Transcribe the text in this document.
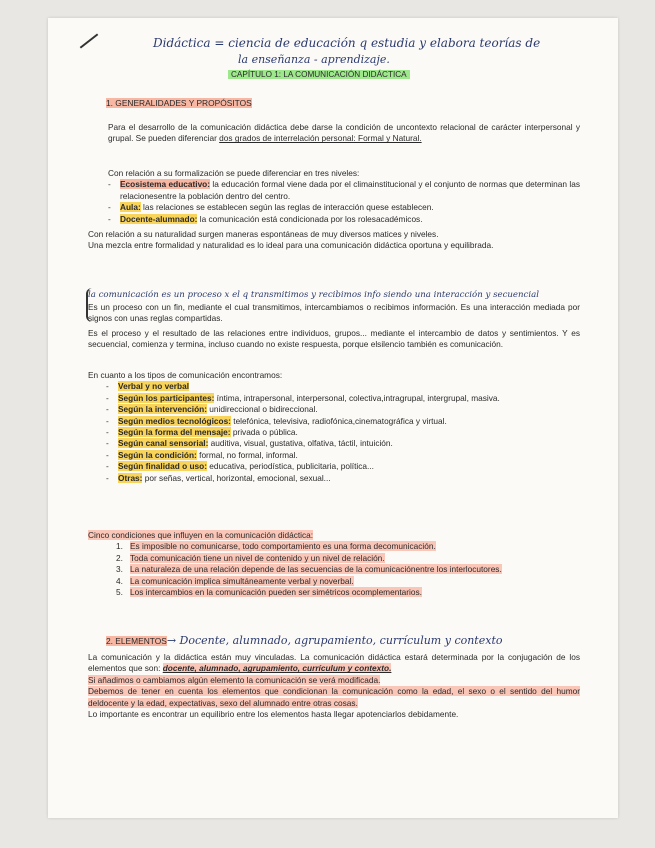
Didáctica = ciencia de educación q estudia y elabora teorías de
la enseñanza - aprendizaje.
CAPÍTULO 1: LA COMUNICACIÓN DIDÁCTICA
1. GENERALIDADES Y PROPÓSITOS
Para el desarrollo de la comunicación didáctica debe darse la condición de uncontexto relacional de carácter interpersonal y grupal. Se pueden diferenciar dos grados de interrelación personal: Formal y Natural.
Con relación a su formalización se puede diferenciar en tres niveles:
- Ecosistema educativo: la educación formal viene dada por el climainstitucional y el conjunto de normas que determinan las relacionesentre la población dentro del centro.
- Aula: las relaciones se establecen según las reglas de interacción quese establecen.
- Docente-alumnado: la comunicación está condicionada por los rolesacadémicos.
Con relación a su naturalidad surgen maneras espontáneas de muy diversos matices y niveles.
Una mezcla entre formalidad y naturalidad es lo ideal para una comunicación didáctica oportuna y equilibrada.
la comunicación es un proceso x el q transmitimos y recibimos info siendo una interacción y secuencial
Es un proceso con un fin, mediante el cual transmitimos, intercambiamos o recibimos información. Es una interacción mediada por signos con unas reglas compartidas.
Es el proceso y el resultado de las relaciones entre individuos, grupos... mediante el intercambio de datos y sentimientos. Y es secuencial, comienza y termina, incluso cuando no existe respuesta, porque elsilencio también es comunicación.
En cuanto a los tipos de comunicación encontramos:
- Verbal y no verbal
- Según los participantes: íntima, intrapersonal, interpersonal, colectiva,intragrupal, intergrupal, masiva.
- Según la intervención: unidireccional o bidireccional.
- Según medios tecnológicos: telefónica, televisiva, radiofónica,cinematográfica y virtual.
- Según la forma del mensaje: privada o pública.
- Según canal sensorial: auditiva, visual, gustativa, olfativa, táctil, intuición.
- Según la condición: formal, no formal, informal.
- Según finalidad o uso: educativa, periodística, publicitaria, política...
- Otras: por señas, vertical, horizontal, emocional, sexual...
Cinco condiciones que influyen en la comunicación didáctica:
1. Es imposible no comunicarse, todo comportamiento es una forma decomunicación.
2. Toda comunicación tiene un nivel de contenido y un nivel de relación.
3. La naturaleza de una relación depende de las secuencias de la comunicaciónentre los interlocutores.
4. La comunicación implica simultáneamente verbal y noverbal.
5. Los intercambios en la comunicación pueden ser simétricos ocomplementarios.
2. ELEMENTOS→ Docente, alumnado, agrupamiento, currículum y contexto
La comunicación y la didáctica están muy vinculadas. La comunicación didáctica estará determinada por la conjugación de los elementos que son: docente, alumnado, agrupamiento, currículum y contexto.
Si añadimos o cambiamos algún elemento la comunicación se verá modificada.
Debemos de tener en cuenta los elementos que condicionan la comunicación como la edad, el sexo o el sentido del humor deldocente y la edad, expectativas, sexo del alumnado entre otras cosas.
Lo importante es encontrar un equilibrio entre los elementos hasta llegar apotenciarlos debidamente.
